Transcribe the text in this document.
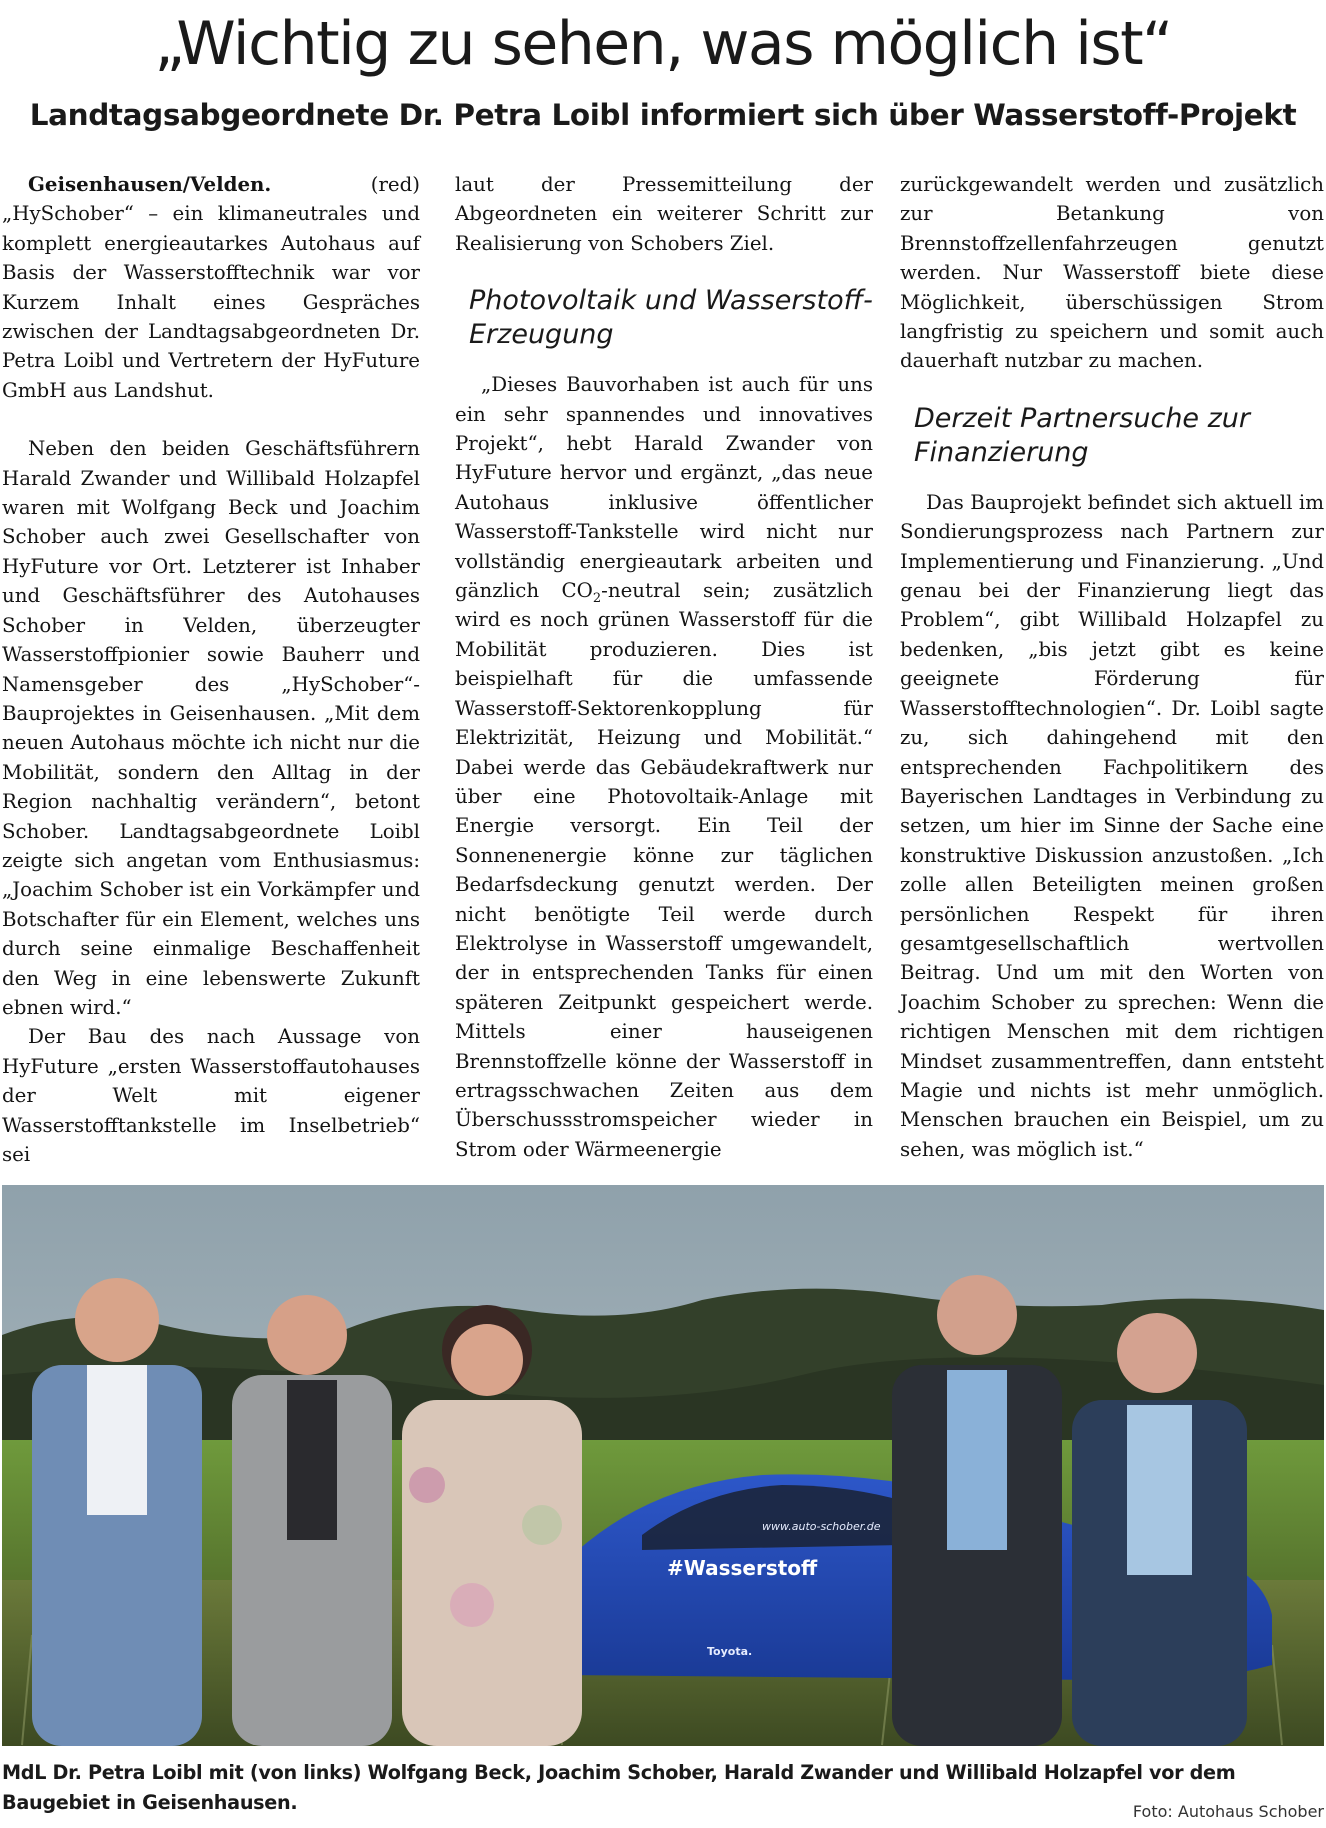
„Wichtig zu sehen, was möglich ist“
Landtagsabgeordnete Dr. Petra Loibl informiert sich über Wasserstoff-Projekt

Geisenhausen/Velden. (red) „HySchober“ – ein klimaneutrales und komplett energieautarkes Autohaus auf Basis der Wasserstofftechnik war vor Kurzem Inhalt eines Gespräches zwischen der Landtagsabgeordneten Dr. Petra Loibl und Vertretern der HyFuture GmbH aus Landshut.

Neben den beiden Geschäftsführern Harald Zwander und Willibald Holzapfel waren mit Wolfgang Beck und Joachim Schober auch zwei Gesellschafter von HyFuture vor Ort. Letzterer ist Inhaber und Geschäftsführer des Autohauses Schober in Velden, überzeugter Wasserstoffpionier sowie Bauherr und Namensgeber des „HySchober“-Bauprojektes in Geisenhausen. „Mit dem neuen Autohaus möchte ich nicht nur die Mobilität, sondern den Alltag in der Region nachhaltig verändern“, betont Schober. Landtagsabgeordnete Loibl zeigte sich angetan vom Enthusiasmus: „Joachim Schober ist ein Vorkämpfer und Botschafter für ein Element, welches uns durch seine einmalige Beschaffenheit den Weg in eine lebenswerte Zukunft ebnen wird.“

Der Bau des nach Aussage von HyFuture „ersten Wasserstoffautohauses der Welt mit eigener Wasserstofftankstelle im Inselbetrieb“ sei

laut der Pressemitteilung der Abgeordneten ein weiterer Schritt zur Realisierung von Schobers Ziel.

Photovoltaik und Wasserstoff-Erzeugung

„Dieses Bauvorhaben ist auch für uns ein sehr spannendes und innovatives Projekt“, hebt Harald Zwander von HyFuture hervor und ergänzt, „das neue Autohaus inklusive öffentlicher Wasserstoff-Tankstelle wird nicht nur vollständig energieautark arbeiten und gänzlich $CO_2$-neutral sein; zusätzlich wird es noch grünen Wasserstoff für die Mobilität produzieren. Dies ist beispielhaft für die umfassende Wasserstoff-Sektorenkopplung für Elektrizität, Heizung und Mobilität.“ Dabei werde das Gebäudekraftwerk nur über eine Photovoltaik-Anlage mit Energie versorgt. Ein Teil der Sonnenenergie könne zur täglichen Bedarfsdeckung genutzt werden. Der nicht benötigte Teil werde durch Elektrolyse in Wasserstoff umgewandelt, der in entsprechenden Tanks für einen späteren Zeitpunkt gespeichert werde. Mittels einer hauseigenen Brennstoffzelle könne der Wasserstoff in ertragsschwachen Zeiten aus dem Überschussstromspeicher wieder in Strom oder Wärmeenergie

zurückgewandelt werden und zusätzlich zur Betankung von Brennstoffzellenfahrzeugen genutzt werden. Nur Wasserstoff biete diese Möglichkeit, überschüssigen Strom langfristig zu speichern und somit auch dauerhaft nutzbar zu machen.

Derzeit Partnersuche zur Finanzierung

Das Bauprojekt befindet sich aktuell im Sondierungsprozess nach Partnern zur Implementierung und Finanzierung. „Und genau bei der Finanzierung liegt das Problem“, gibt Willibald Holzapfel zu bedenken, „bis jetzt gibt es keine geeignete Förderung für Wasserstofftechnologien“. Dr. Loibl sagte zu, sich dahingehend mit den entsprechenden Fachpolitikern des Bayerischen Landtages in Verbindung zu setzen, um hier im Sinne der Sache eine konstruktive Diskussion anzustoßen. „Ich zolle allen Beteiligten meinen großen persönlichen Respekt für ihren gesamtgesellschaftlich wertvollen Beitrag. Und um mit den Worten von Joachim Schober zu sprechen: Wenn die richtigen Menschen mit dem richtigen Mindset zusammentreffen, dann entsteht Magie und nichts ist mehr unmöglich. Menschen brauchen ein Beispiel, um zu sehen, was möglich ist.“

www.auto-schober.de
#Wasserstoff
Toyota.
MdL Dr. Petra Loibl mit (von links) Wolfgang Beck, Joachim Schober, Harald Zwander und Willibald Holzapfel vor dem Baugebiet in Geisenhausen.	Foto: Autohaus Schober
